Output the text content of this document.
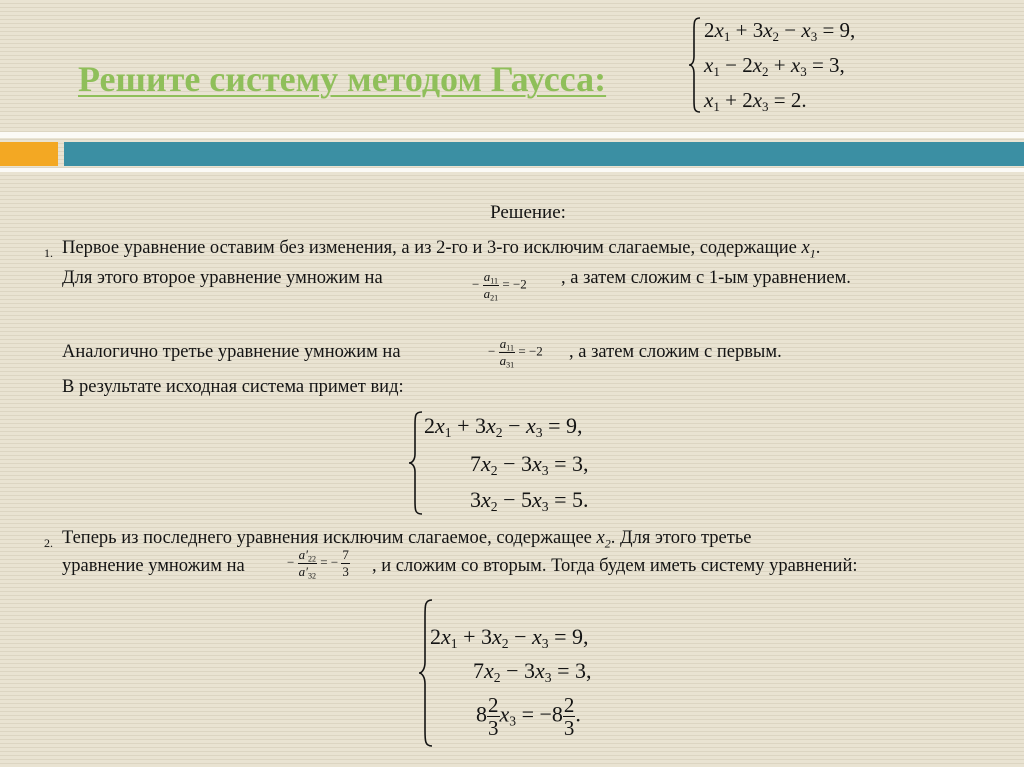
Решите систему методом Гаусса:
$2x_1 + 3x_2 - x_3 = 9$,
$x_1 - 2x_2 + x_3 = 3$,
$x_1 + 2x_3 = 2$.
Решение:
1. Первое уравнение оставим без изменения, а из 2-го и 3-го исключим слагаемые, содержащие $x_1$.
Для этого второе уравнение умножим на	− $\frac{a_{11}}{a_{21}} = -2$ , а затем сложим с 1-ым уравнением.
Аналогично третье уравнение умножим на	− $\frac{a_{11}}{a_{31}} = -2$ , а затем сложим с первым.
В результате исходная система примет вид:
$2x_1 + 3x_2 - x_3 = 9$,
$7x_2 - 3x_3 = 3$,
$3x_2 - 5x_3 = 5$.
2. Теперь из последнего уравнения исключим слагаемое, содержащее $x_2$. Для этого третье
уравнение умножим на	− $\frac{a'_{22}}{a'_{32}}$ = − $\frac{7}{3}$ , и сложим со вторым. Тогда будем иметь систему уравнений:
$2x_1 + 3x_2 - x_3 = 9$,
$7x_2 - 3x_3 = 3$,
$8 \frac{2}{3} x_3 = -8 \frac{2}{3}$ .
